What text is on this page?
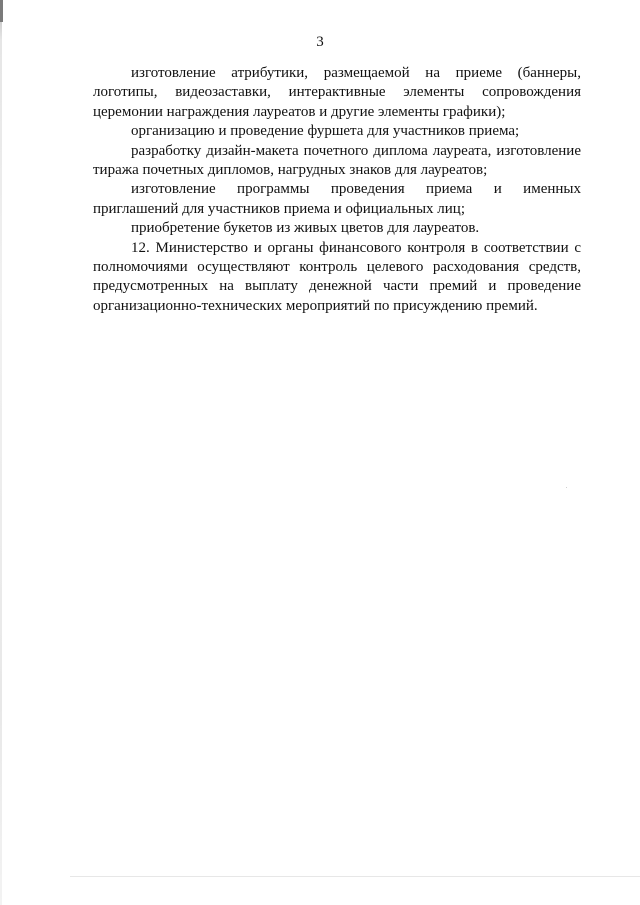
3

изготовление атрибутики, размещаемой на приеме (баннеры, логотипы, видеозаставки, интерактивные элементы сопровождения церемонии награждения лауреатов и другие элементы графики);

организацию и проведение фуршета для участников приема;

разработку дизайн-макета почетного диплома лауреата, изготовление тиража почетных дипломов, нагрудных знаков для лауреатов;

изготовление программы проведения приема и именных приглашений для участников приема и официальных лиц;

приобретение букетов из живых цветов для лауреатов.

12. Министерство и органы финансового контроля в соответствии с полномочиями осуществляют контроль целевого расходования средств, предусмотренных на выплату денежной части премий и проведение организационно-технических мероприятий по присуждению премий.
